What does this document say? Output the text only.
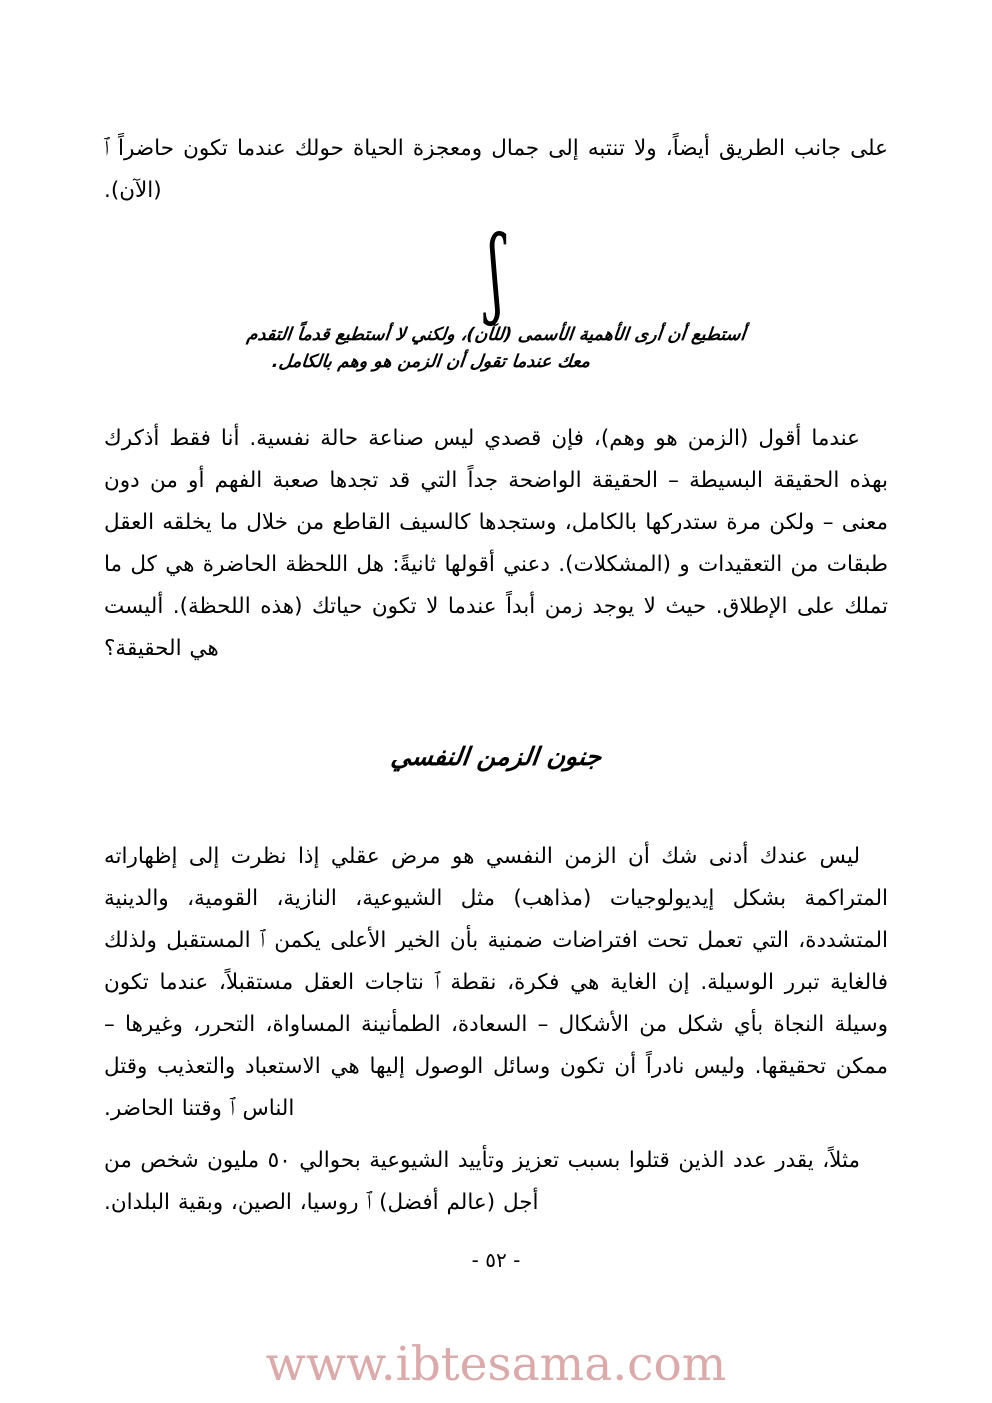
على جانب الطريق أيضاً، ولا تنتبه إلى جمال ومعجزة الحياة حولك عندما تكون حاضراً ﭐ (الآن).

ʃ
أستطيع أن أرى الأهمية الأسمى (للآن)، ولكني لا أستطيع قدماً التقدم
معك عندما تقول أن الزمن هو وهم بالكامل.

عندما أقول (الزمن هو وهم)، فإن قصدي ليس صناعة حالة نفسية. أنا فقط أذكرك بهذه الحقيقة البسيطة – الحقيقة الواضحة جداً التي قد تجدها صعبة الفهم أو من دون معنى – ولكن مرة ستدركها بالكامل، وستجدها كالسيف القاطع من خلال ما يخلقه العقل طبقات من التعقيدات و (المشكلات). دعني أقولها ثانيةً: هل اللحظة الحاضرة هي كل ما تملك على الإطلاق. حيث لا يوجد زمن أبداً عندما لا تكون حياتك (هذه اللحظة). أليست هي الحقيقة؟

جنون الزمن النفسي

ليس عندك أدنى شك أن الزمن النفسي هو مرض عقلي إذا نظرت إلى إظهاراته المتراكمة بشكل إيديولوجيات (مذاهب) مثل الشيوعية، النازية، القومية، والدينية المتشددة، التي تعمل تحت افتراضات ضمنية بأن الخير الأعلى يكمن ﭐ المستقبل ولذلك فالغاية تبرر الوسيلة. إن الغاية هي فكرة، نقطة ﭐ نتاجات العقل مستقبلاً، عندما تكون وسيلة النجاة بأي شكل من الأشكال – السعادة، الطمأنينة المساواة، التحرر، وغيرها – ممكن تحقيقها. وليس نادراً أن تكون وسائل الوصول إليها هي الاستعباد والتعذيب وقتل الناس ﭐ وقتنا الحاضر.

مثلاً، يقدر عدد الذين قتلوا بسبب تعزيز وتأييد الشيوعية بحوالي ٥٠ مليون شخص من أجل (عالم أفضل) ﭐ روسيا، الصين، وبقية البلدان.

- ٥٢ -
www.ibtesama.com
